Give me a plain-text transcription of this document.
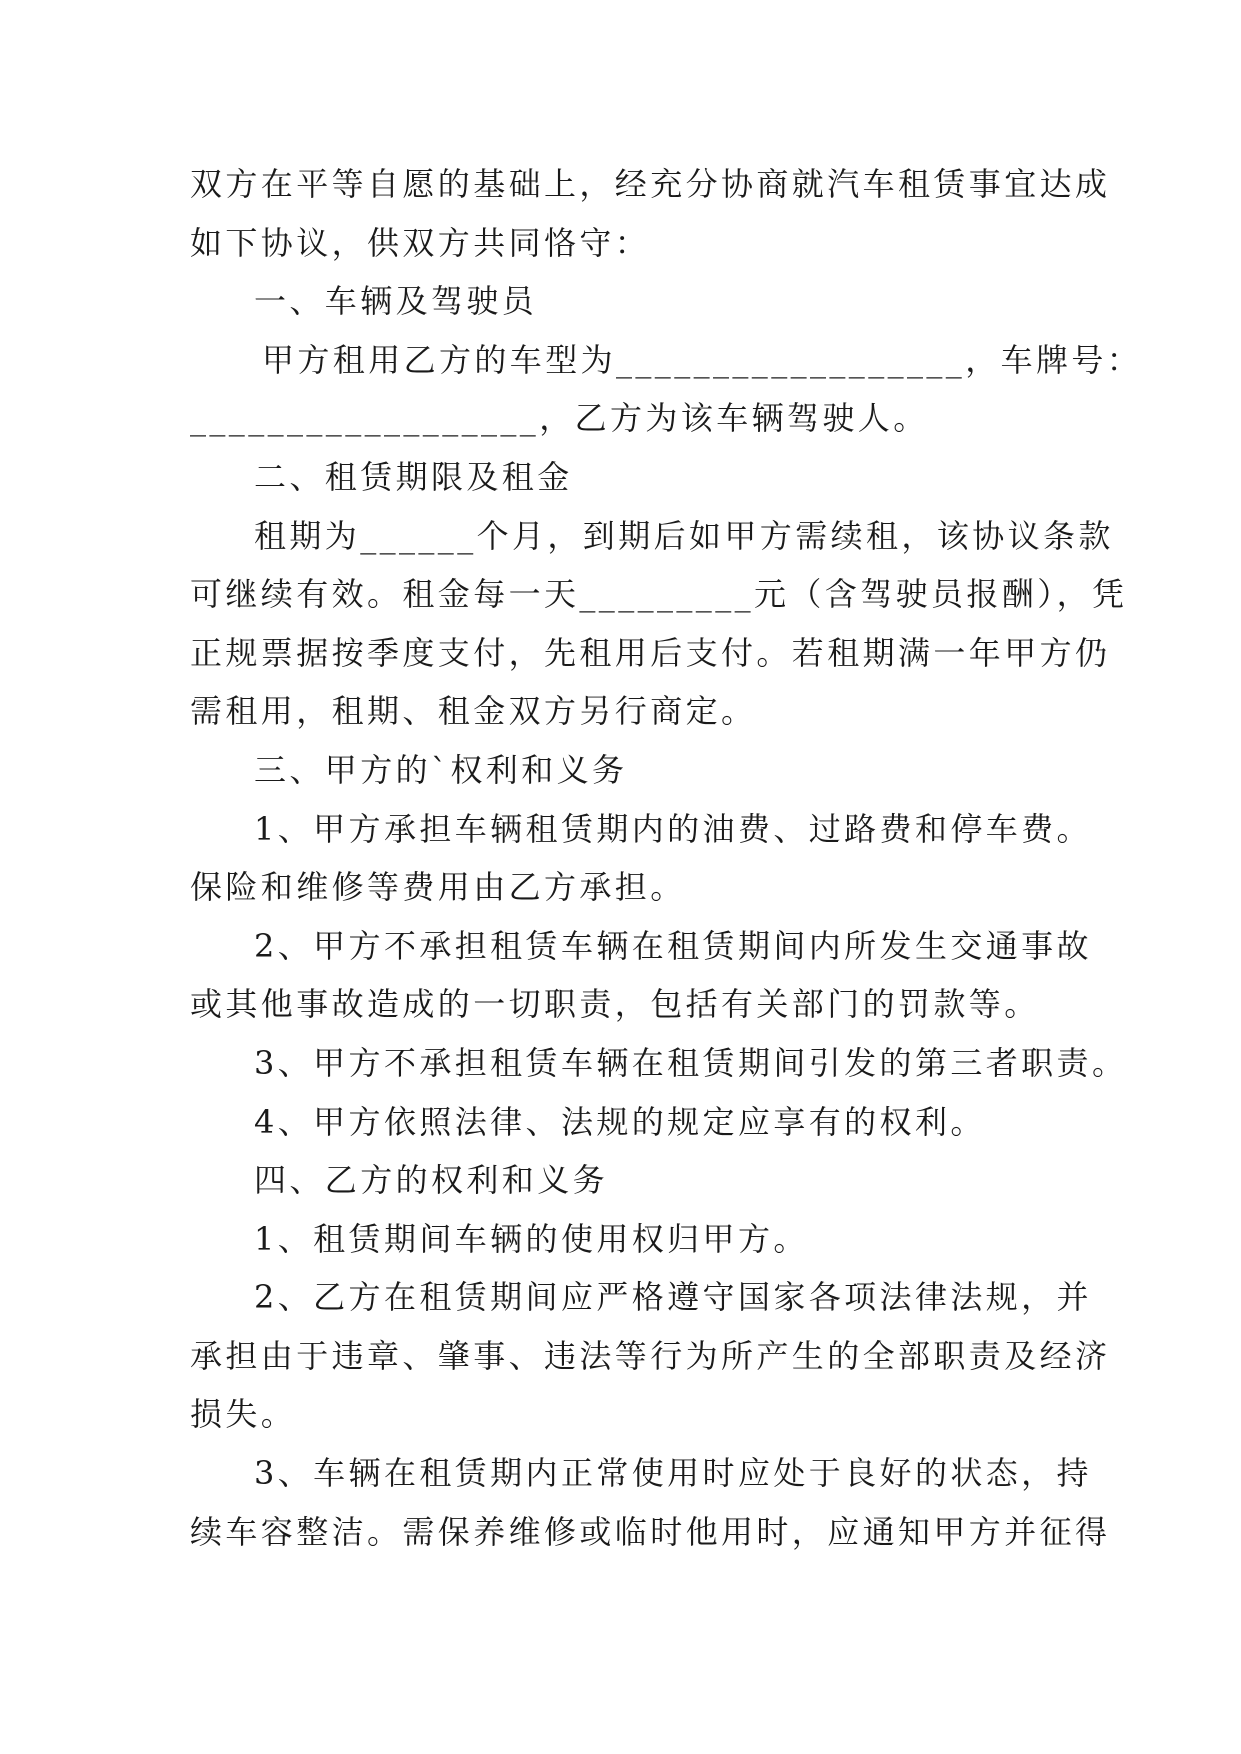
双方在平等自愿的基础上，经充分协商就汽车租赁事宜达成
如下协议，供双方共同恪守：
一、车辆及驾驶员
甲方租用乙方的车型为__________________，车牌号：
__________________，乙方为该车辆驾驶人。
二、租赁期限及租金
租期为______个月，到期后如甲方需续租，该协议条款
可继续有效。租金每一天_________元（含驾驶员报酬），凭
正规票据按季度支付，先租用后支付。若租期满一年甲方仍
需租用，租期、租金双方另行商定。
三、甲方的`权利和义务
1、甲方承担车辆租赁期内的油费、过路费和停车费。
保险和维修等费用由乙方承担。
2、甲方不承担租赁车辆在租赁期间内所发生交通事故
或其他事故造成的一切职责，包括有关部门的罚款等。
3、甲方不承担租赁车辆在租赁期间引发的第三者职责。
4、甲方依照法律、法规的规定应享有的权利。
四、乙方的权利和义务
1、租赁期间车辆的使用权归甲方。
2、乙方在租赁期间应严格遵守国家各项法律法规，并
承担由于违章、肇事、违法等行为所产生的全部职责及经济
损失。
3、车辆在租赁期内正常使用时应处于良好的状态，持
续车容整洁。需保养维修或临时他用时，应通知甲方并征得
